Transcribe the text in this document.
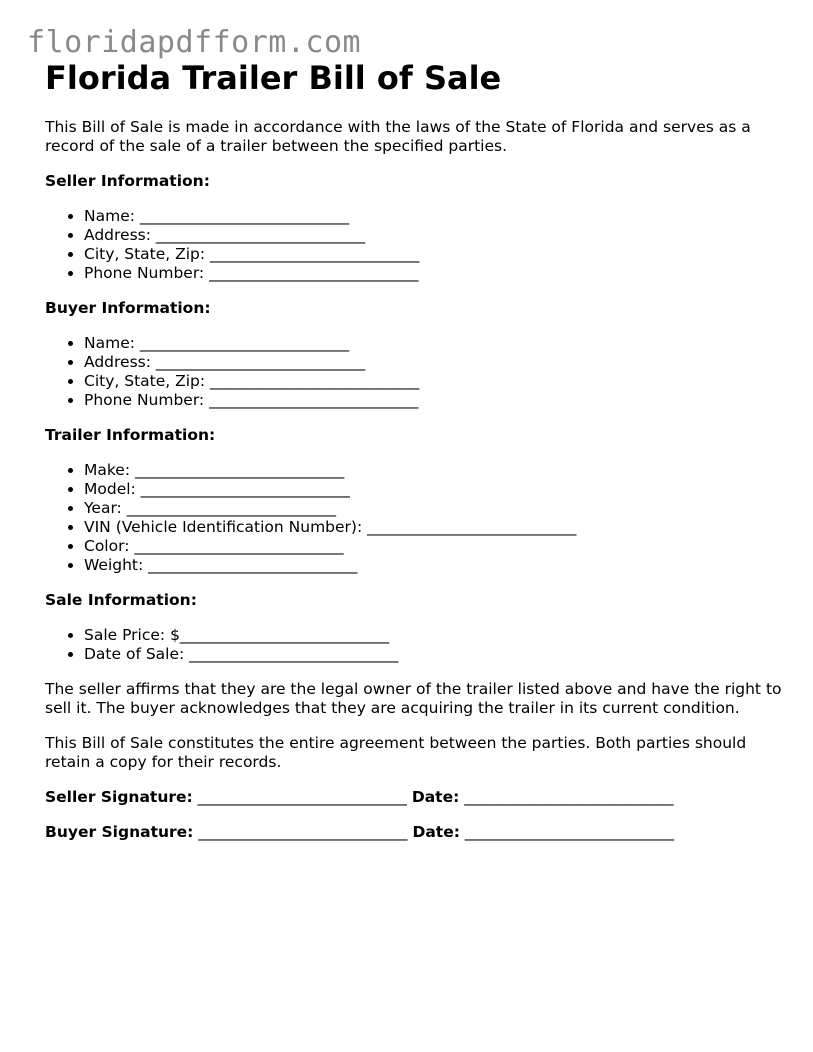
floridapdfform.com
Florida Trailer Bill of Sale

This Bill of Sale is made in accordance with the laws of the State of Florida and serves as a record of the sale of a trailer between the specified parties.

Seller Information:
• Name: ___________________________
• Address: ___________________________
• City, State, Zip: ___________________________
• Phone Number: ___________________________
Buyer Information:
• Name: ___________________________
• Address: ___________________________
• City, State, Zip: ___________________________
• Phone Number: ___________________________
Trailer Information:
• Make: ___________________________
• Model: ___________________________
• Year: ___________________________
• VIN (Vehicle Identification Number): ___________________________
• Color: ___________________________
• Weight: ___________________________
Sale Information:
• Sale Price: $___________________________
• Date of Sale: ___________________________

The seller affirms that they are the legal owner of the trailer listed above and have the right to sell it. The buyer acknowledges that they are acquiring the trailer in its current condition.

This Bill of Sale constitutes the entire agreement between the parties. Both parties should retain a copy for their records.

Seller Signature: ___________________________ Date: ___________________________
Buyer Signature: ___________________________ Date: ___________________________
